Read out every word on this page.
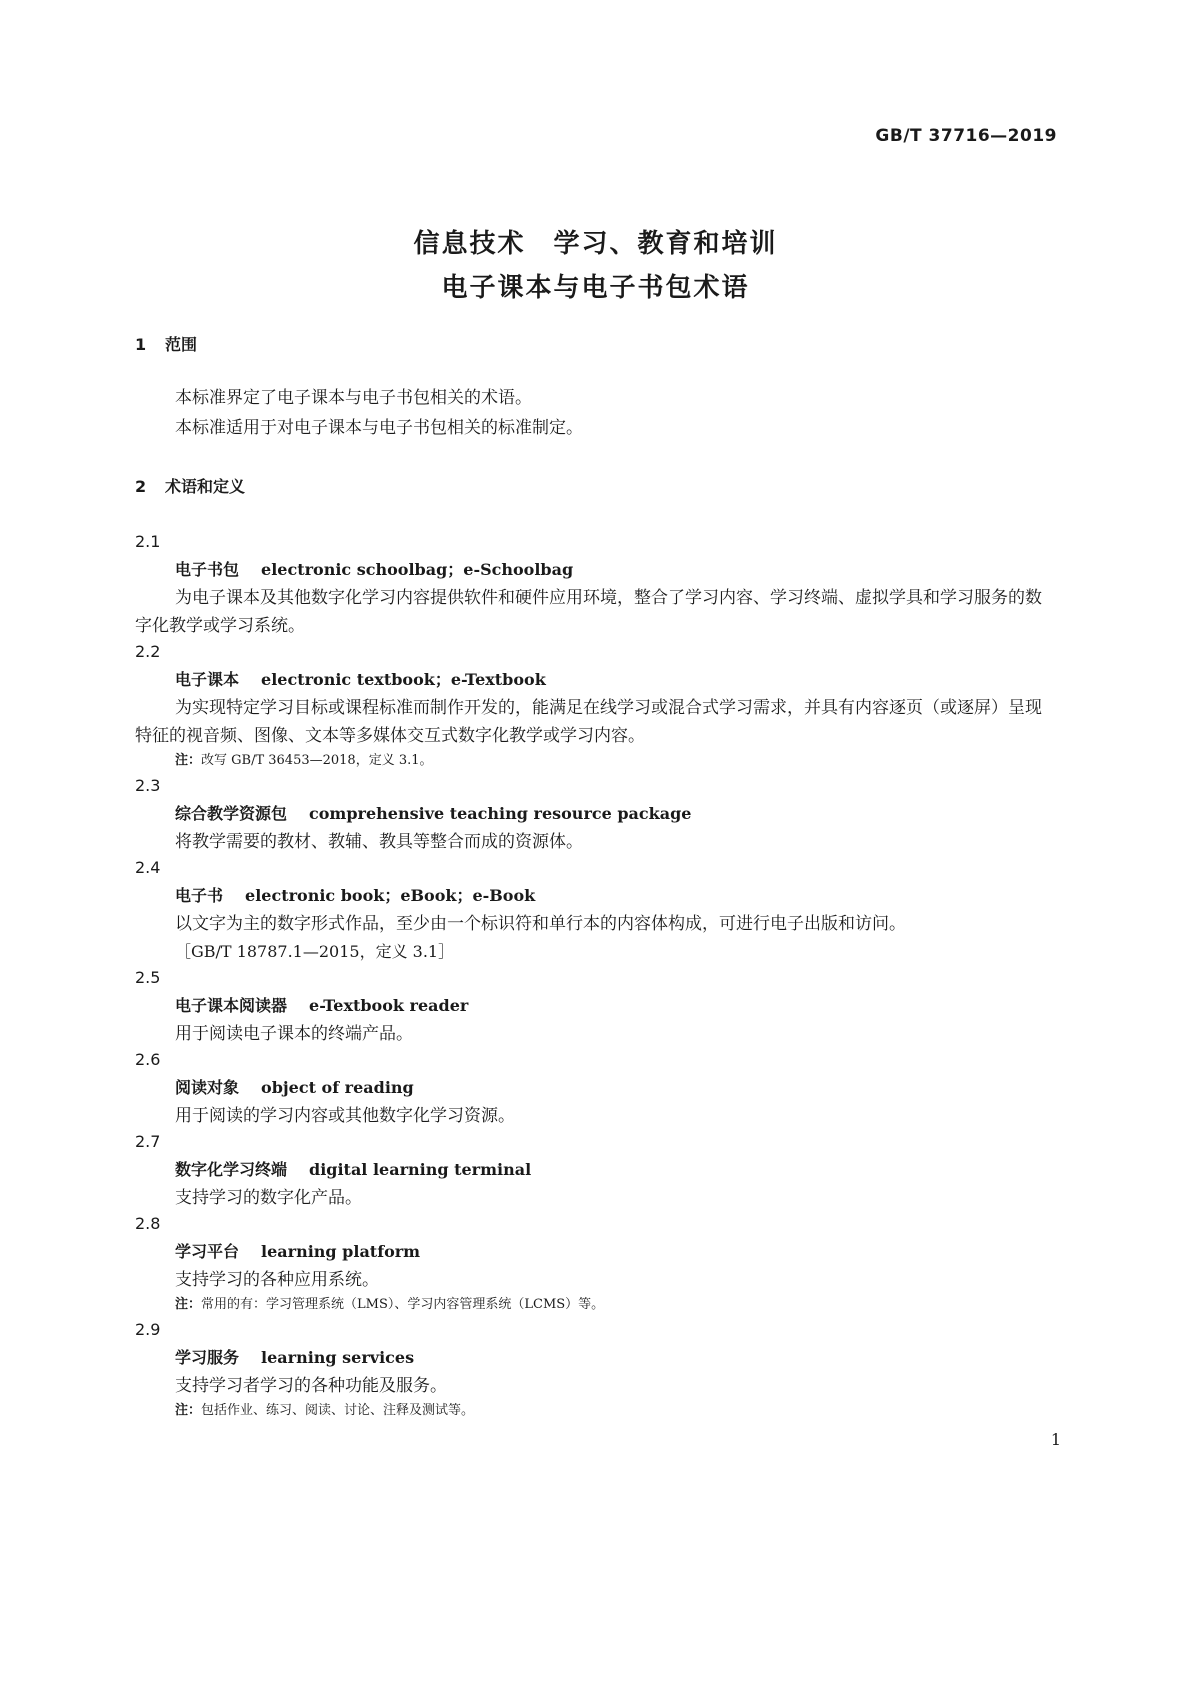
GB/T 37716—2019
信息技术　学习、教育和培训
电子课本与电子书包术语
1 范围
本标准界定了电子课本与电子书包相关的术语。
本标准适用于对电子课本与电子书包相关的标准制定。
2 术语和定义
2.1
电子书包 electronic schoolbag；e-Schoolbag
为电子课本及其他数字化学习内容提供软件和硬件应用环境，整合了学习内容、学习终端、虚拟学具和学习服务的数字化教学或学习系统。
2.2
电子课本 electronic textbook；e-Textbook
为实现特定学习目标或课程标准而制作开发的，能满足在线学习或混合式学习需求，并具有内容逐页（或逐屏）呈现特征的视音频、图像、文本等多媒体交互式数字化教学或学习内容。
注：改写 GB/T 36453—2018，定义 3.1。
2.3
综合教学资源包 comprehensive teaching resource package
将教学需要的教材、教辅、教具等整合而成的资源体。
2.4
电子书 electronic book；eBook；e-Book
以文字为主的数字形式作品，至少由一个标识符和单行本的内容体构成，可进行电子出版和访问。
［GB/T 18787.1—2015，定义 3.1］
2.5
电子课本阅读器 e-Textbook reader
用于阅读电子课本的终端产品。
2.6
阅读对象 object of reading
用于阅读的学习内容或其他数字化学习资源。
2.7
数字化学习终端 digital learning terminal
支持学习的数字化产品。
2.8
学习平台 learning platform
支持学习的各种应用系统。
注：常用的有：学习管理系统（LMS）、学习内容管理系统（LCMS）等。
2.9
学习服务 learning services
支持学习者学习的各种功能及服务。
注：包括作业、练习、阅读、讨论、注释及测试等。
1
